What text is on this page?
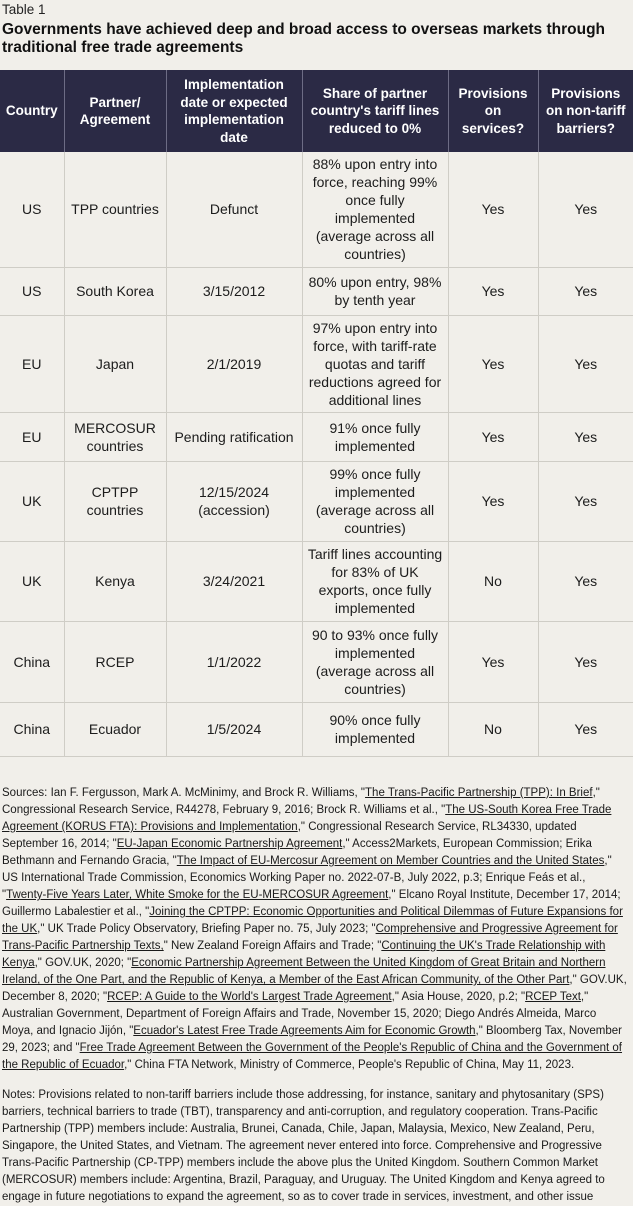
Table 1
Governments have achieved deep and broad access to overseas markets through traditional free trade agreements
Country	Partner/ Agreement	Implementation date or expected implementation date	Share of partner country's tariff lines reduced to 0%	Provisions on services?	Provisions on non-tariff barriers?
US	TPP countries	Defunct	88% upon entry into force, reaching 99% once fully implemented (average across all countries)	Yes	Yes
US	South Korea	3/15/2012	80% upon entry, 98% by tenth year	Yes	Yes
EU	Japan	2/1/2019	97% upon entry into force, with tariff-rate quotas and tariff reductions agreed for additional lines	Yes	Yes
EU	MERCOSUR countries	Pending ratification	91% once fully implemented	Yes	Yes
UK	CPTPP countries	12/15/2024 (accession)	99% once fully implemented (average across all countries)	Yes	Yes
UK	Kenya	3/24/2021	Tariff lines accounting for 83% of UK exports, once fully implemented	No	Yes
China	RCEP	1/1/2022	90 to 93% once fully implemented (average across all countries)	Yes	Yes
China	Ecuador	1/5/2024	90% once fully implemented	No	Yes
Sources: Ian F. Fergusson, Mark A. McMinimy, and Brock R. Williams, "The Trans-Pacific Partnership (TPP): In Brief," Congressional Research Service, R44278, February 9, 2016; Brock R. Williams et al., "The US-South Korea Free Trade Agreement (KORUS FTA): Provisions and Implementation," Congressional Research Service, RL34330, updated September 16, 2014; "EU-Japan Economic Partnership Agreement," Access2Markets, European Commission; Erika Bethmann and Fernando Gracia, "The Impact of EU-Mercosur Agreement on Member Countries and the United States," US International Trade Commission, Economics Working Paper no. 2022-07-B, July 2022, p.3; Enrique Feás et al., "Twenty-Five Years Later, White Smoke for the EU-MERCOSUR Agreement," Elcano Royal Institute, December 17, 2014; Guillermo Labalestier et al., "Joining the CPTPP: Economic Opportunities and Political Dilemmas of Future Expansions for the UK," UK Trade Policy Observatory, Briefing Paper no. 75, July 2023; "Comprehensive and Progressive Agreement for Trans-Pacific Partnership Texts," New Zealand Foreign Affairs and Trade; "Continuing the UK's Trade Relationship with Kenya," GOV.UK, 2020; "Economic Partnership Agreement Between the United Kingdom of Great Britain and Northern Ireland, of the One Part, and the Republic of Kenya, a Member of the East African Community, of the Other Part," GOV.UK, December 8, 2020; "RCEP: A Guide to the World's Largest Trade Agreement," Asia House, 2020, p.2; "RCEP Text," Australian Government, Department of Foreign Affairs and Trade, November 15, 2020; Diego Andrés Almeida, Marco Moya, and Ignacio Jijón, "Ecuador's Latest Free Trade Agreements Aim for Economic Growth," Bloomberg Tax, November 29, 2023; and "Free Trade Agreement Between the Government of the People's Republic of China and the Government of the Republic of Ecuador," China FTA Network, Ministry of Commerce, People's Republic of China, May 11, 2023.
Notes: Provisions related to non-tariff barriers include those addressing, for instance, sanitary and phytosanitary (SPS) barriers, technical barriers to trade (TBT), transparency and anti-corruption, and regulatory cooperation. Trans-Pacific Partnership (TPP) members include: Australia, Brunei, Canada, Chile, Japan, Malaysia, Mexico, New Zealand, Peru, Singapore, the United States, and Vietnam. The agreement never entered into force. Comprehensive and Progressive Trans-Pacific Partnership (CP-TPP) members include the above plus the United Kingdom. Southern Common Market (MERCOSUR) members include: Argentina, Brazil, Paraguay, and Uruguay. The United Kingdom and Kenya agreed to engage in future negotiations to expand the agreement, so as to cover trade in services, investment, and other issue
